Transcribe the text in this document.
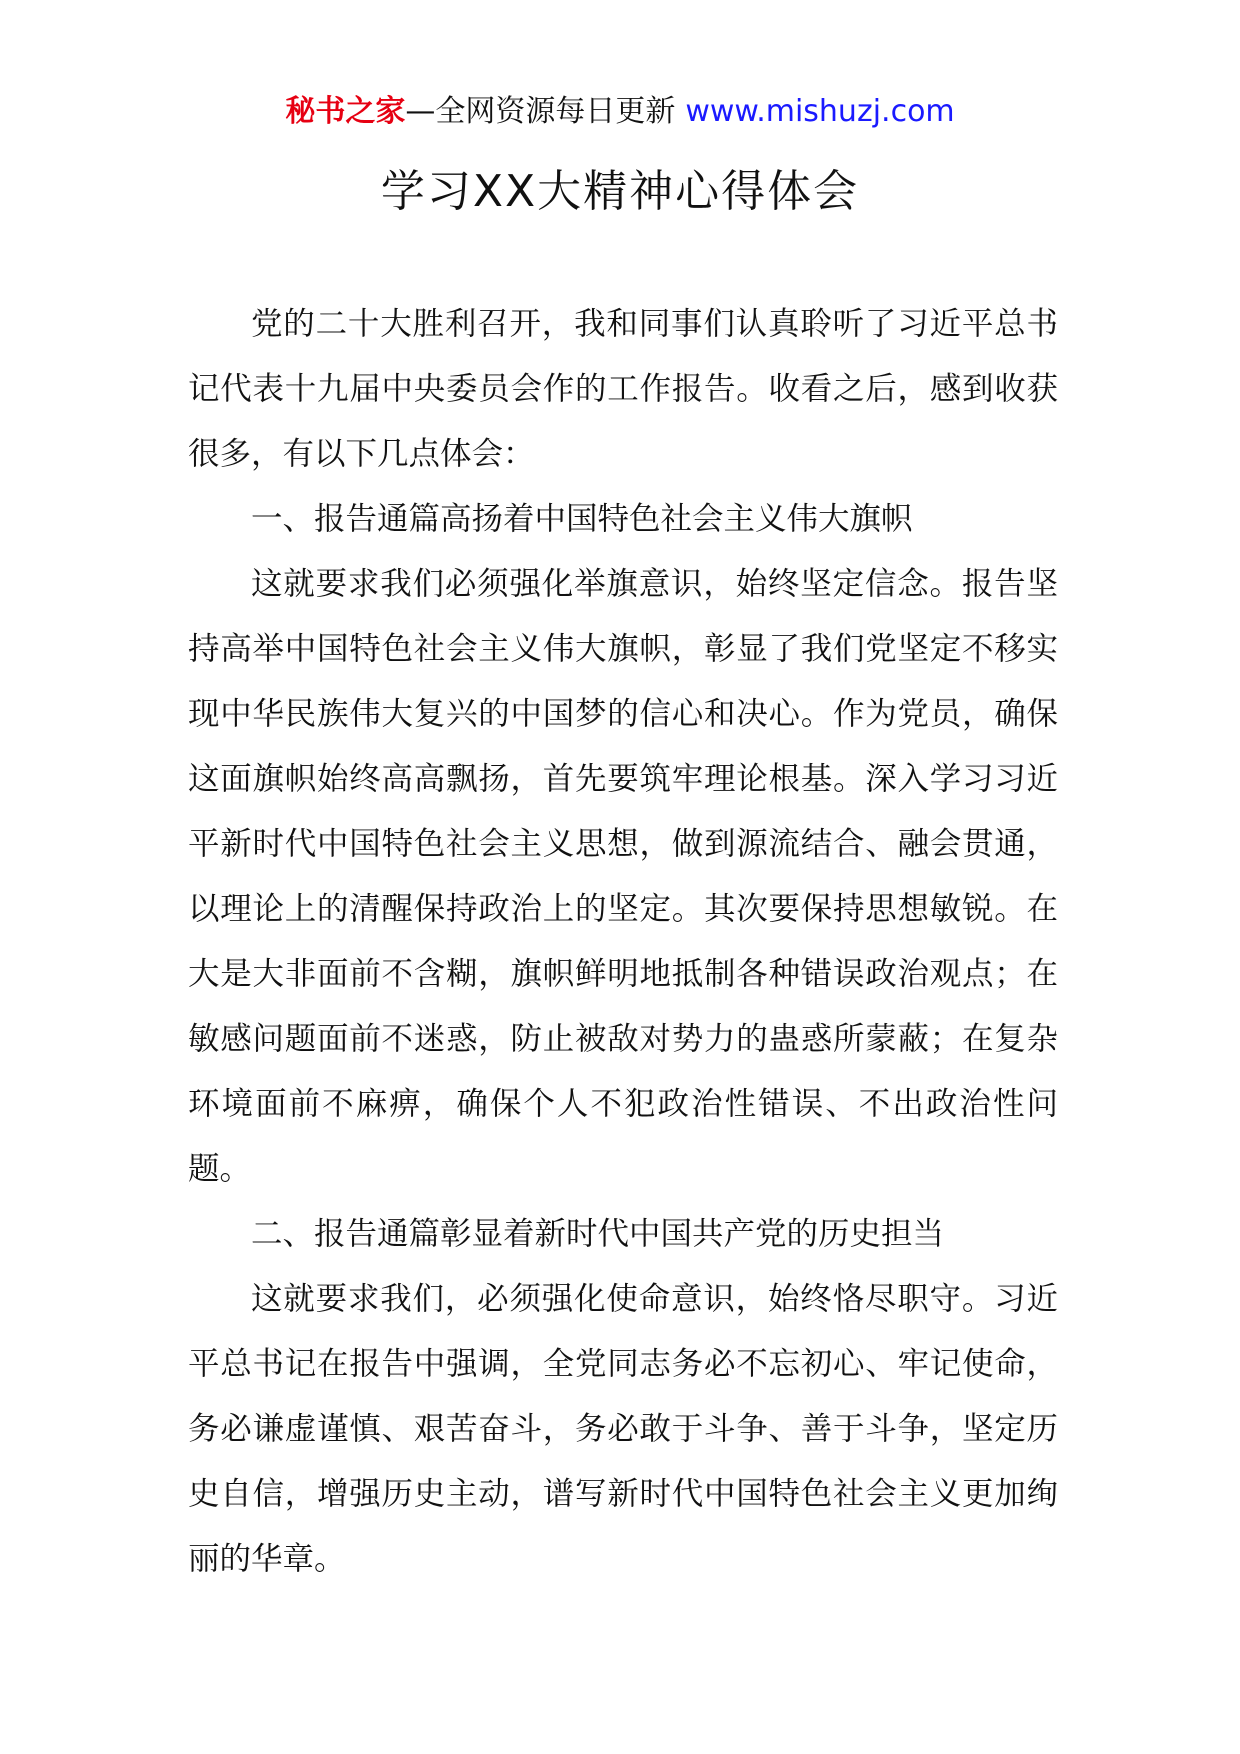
秘书之家—全网资源每日更新 www.mishuzj.com
学习XX大精神心得体会

党的二十大胜利召开，我和同事们认真聆听了习近平总书记代表十九届中央委员会作的工作报告。收看之后，感到收获很多，有以下几点体会：

一、报告通篇高扬着中国特色社会主义伟大旗帜

这就要求我们必须强化举旗意识，始终坚定信念。报告坚持高举中国特色社会主义伟大旗帜，彰显了我们党坚定不移实现中华民族伟大复兴的中国梦的信心和决心。作为党员，确保这面旗帜始终高高飘扬，首先要筑牢理论根基。深入学习习近平新时代中国特色社会主义思想，做到源流结合、融会贯通，以理论上的清醒保持政治上的坚定。其次要保持思想敏锐。在大是大非面前不含糊，旗帜鲜明地抵制各种错误政治观点；在敏感问题面前不迷惑，防止被敌对势力的蛊惑所蒙蔽；在复杂环境面前不麻痹，确保个人不犯政治性错误、不出政治性问题。

二、报告通篇彰显着新时代中国共产党的历史担当

这就要求我们，必须强化使命意识，始终恪尽职守。习近平总书记在报告中强调，全党同志务必不忘初心、牢记使命，务必谦虚谨慎、艰苦奋斗，务必敢于斗争、善于斗争，坚定历史自信，增强历史主动，谱写新时代中国特色社会主义更加绚丽的华章。
